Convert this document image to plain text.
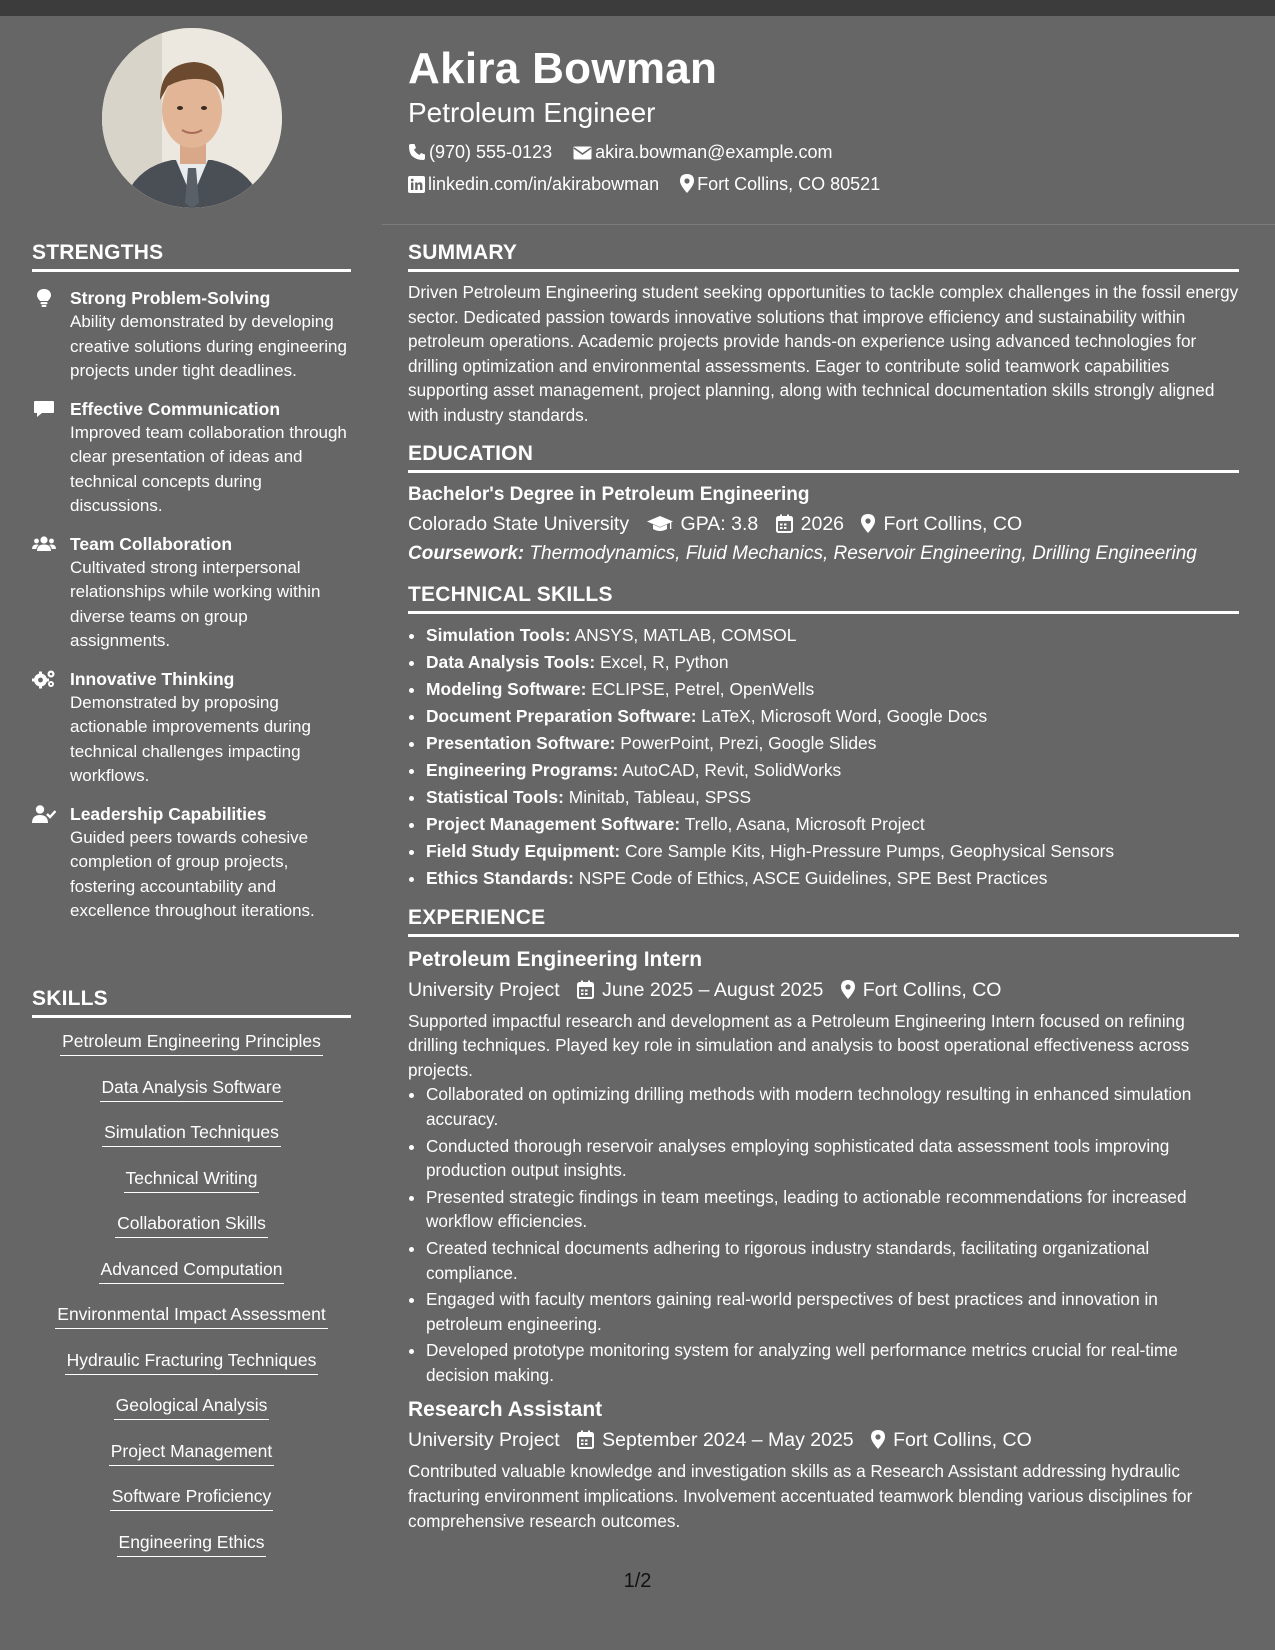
STRENGTHS
Strong Problem-Solving
Ability demonstrated by developing creative solutions during engineering projects under tight deadlines.
Effective Communication
Improved team collaboration through clear presentation of ideas and technical concepts during discussions.
Team Collaboration
Cultivated strong interpersonal relationships while working within diverse teams on group assignments.
Innovative Thinking
Demonstrated by proposing actionable improvements during technical challenges impacting workflows.
Leadership Capabilities
Guided peers towards cohesive completion of group projects, fostering accountability and excellence throughout iterations.
SKILLS
Petroleum Engineering Principles
Data Analysis Software
Simulation Techniques
Technical Writing
Collaboration Skills
Advanced Computation
Environmental Impact Assessment
Hydraulic Fracturing Techniques
Geological Analysis
Project Management
Software Proficiency
Engineering Ethics
Akira Bowman
Petroleum Engineer
(970) 555-0123 akira.bowman@example.com
linkedin.com/in/akirabowman Fort Collins, CO 80521
SUMMARY
Driven Petroleum Engineering student seeking opportunities to tackle complex challenges in the fossil energy sector. Dedicated passion towards innovative solutions that improve efficiency and sustainability within petroleum operations. Academic projects provide hands-on experience using advanced technologies for drilling optimization and environmental assessments. Eager to contribute solid teamwork capabilities supporting asset management, project planning, along with technical documentation skills strongly aligned with industry standards.
EDUCATION
Bachelor's Degree in Petroleum Engineering
Colorado State University	GPA: 3.8 2026 Fort Collins, CO
Coursework: Thermodynamics, Fluid Mechanics, Reservoir Engineering, Drilling Engineering
TECHNICAL SKILLS
• Simulation Tools: ANSYS, MATLAB, COMSOL
• Data Analysis Tools: Excel, R, Python
• Modeling Software: ECLIPSE, Petrel, OpenWells
• Document Preparation Software: LaTeX, Microsoft Word, Google Docs
• Presentation Software: PowerPoint, Prezi, Google Slides
• Engineering Programs: AutoCAD, Revit, SolidWorks
• Statistical Tools: Minitab, Tableau, SPSS
• Project Management Software: Trello, Asana, Microsoft Project
• Field Study Equipment: Core Sample Kits, High-Pressure Pumps, Geophysical Sensors
• Ethics Standards: NSPE Code of Ethics, ASCE Guidelines, SPE Best Practices
EXPERIENCE
Petroleum Engineering Intern
University Project June 2025 – August 2025 Fort Collins, CO
Supported impactful research and development as a Petroleum Engineering Intern focused on refining drilling techniques. Played key role in simulation and analysis to boost operational effectiveness across projects.
• Collaborated on optimizing drilling methods with modern technology resulting in enhanced simulation accuracy.
• Conducted thorough reservoir analyses employing sophisticated data assessment tools improving production output insights.
• Presented strategic findings in team meetings, leading to actionable recommendations for increased workflow efficiencies.
• Created technical documents adhering to rigorous industry standards, facilitating organizational compliance.
• Engaged with faculty mentors gaining real-world perspectives of best practices and innovation in petroleum engineering.
• Developed prototype monitoring system for analyzing well performance metrics crucial for real-time decision making.
Research Assistant
University Project September 2024 – May 2025 Fort Collins, CO
Contributed valuable knowledge and investigation skills as a Research Assistant addressing hydraulic fracturing environment implications. Involvement accentuated teamwork blending various disciplines for comprehensive research outcomes.
1/2
